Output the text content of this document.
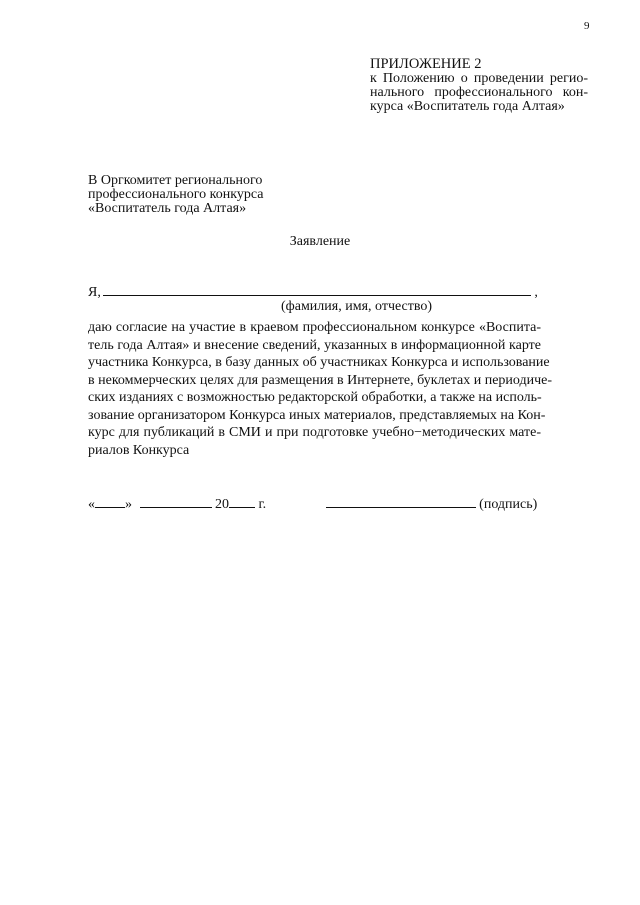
9
ПРИЛОЖЕНИЕ 2
к Положению о проведении регио-
нального профессионального кон-
курса «Воспитатель года Алтая»
В Оргкомитет регионального
профессионального конкурса
«Воспитатель года Алтая»
Заявление
Я,	,
(фамилия, имя, отчество)
даю согласие на участие в краевом профессиональном конкурсе «Воспита-
тель года Алтая» и внесение сведений, указанных в информационной карте
участника Конкурса, в базу данных об участниках Конкурса и использование
в некоммерческих целях для размещения в Интернете, буклетах и периодиче-
ских изданиях с возможностью редакторской обработки, а также на исполь-
зование организатором Конкурса иных материалов, представляемых на Кон-
курс для публикаций в СМИ и при подготовке учебно−методических мате-
риалов Конкурса
« »	20 г.	(подпись)
